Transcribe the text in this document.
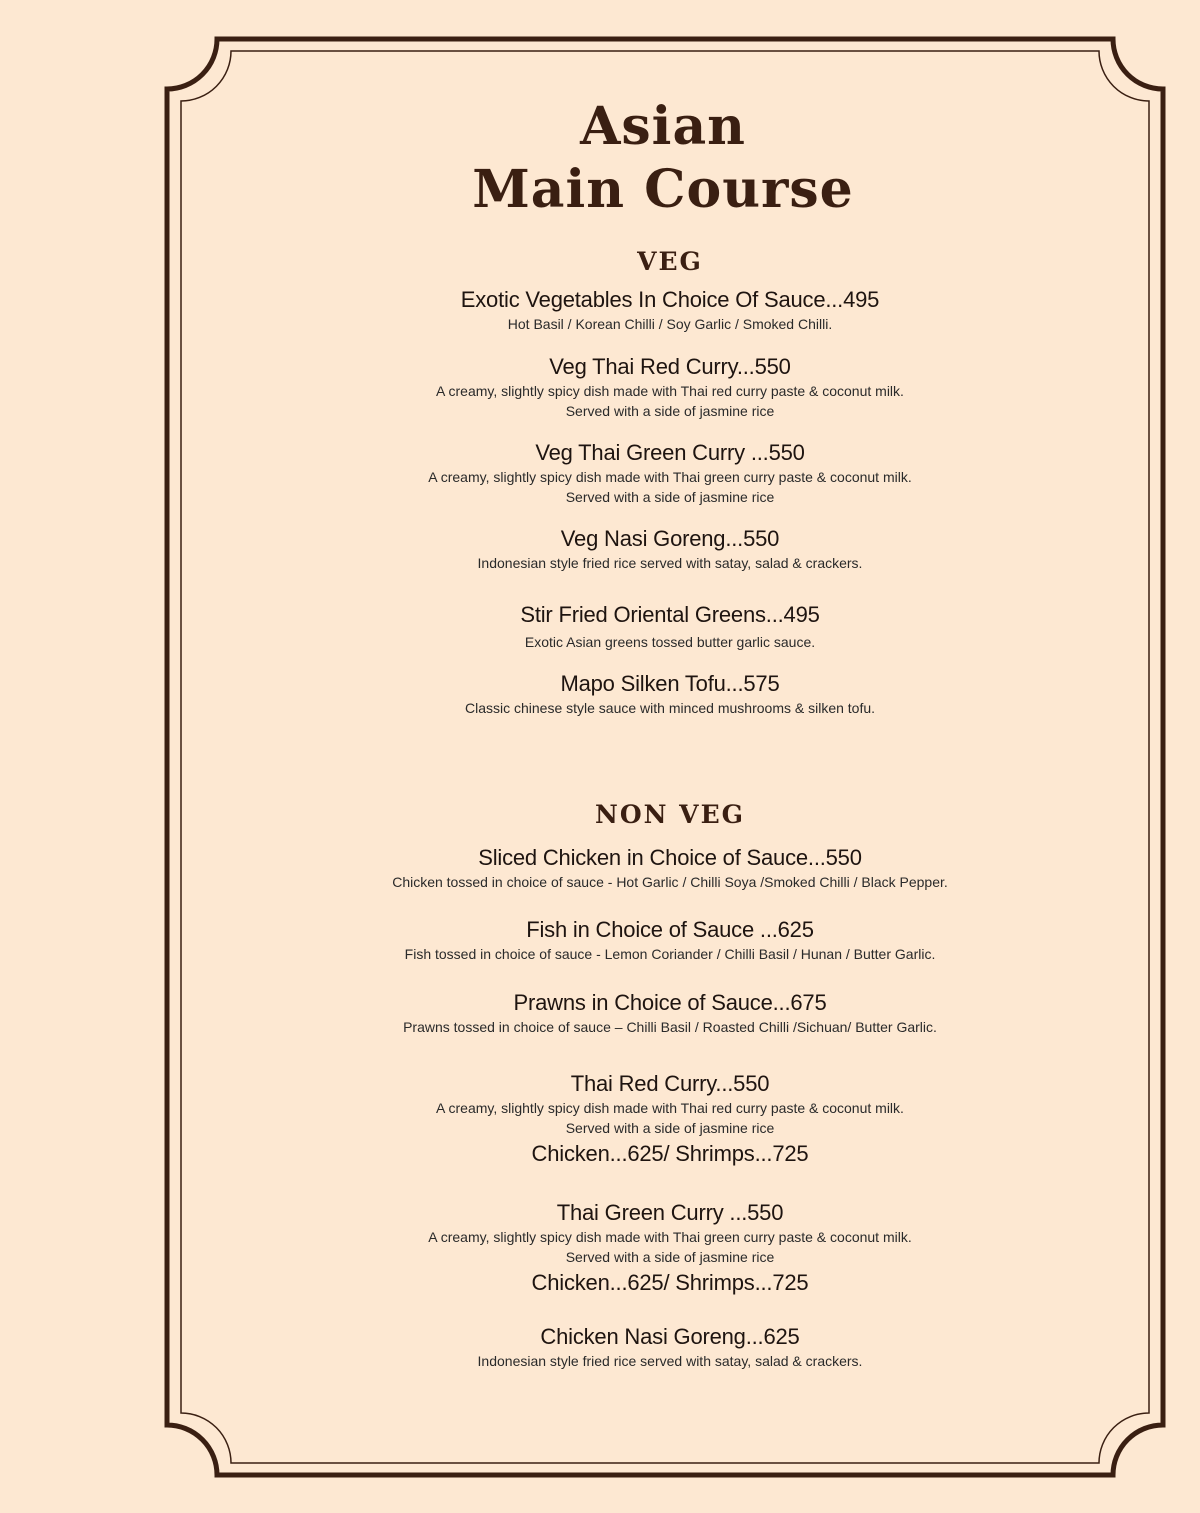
Asian
Main Course
VEG
Exotic Vegetables In Choice Of Sauce...495
Hot Basil / Korean Chilli / Soy Garlic / Smoked Chilli.
Veg Thai Red Curry...550
A creamy, slightly spicy dish made with Thai red curry paste & coconut milk.
Served with a side of jasmine rice
Veg Thai Green Curry ...550
A creamy, slightly spicy dish made with Thai green curry paste & coconut milk.
Served with a side of jasmine rice
Veg Nasi Goreng...550
Indonesian style fried rice served with satay, salad & crackers.
Stir Fried Oriental Greens...495
Exotic Asian greens tossed butter garlic sauce.
Mapo Silken Tofu...575
Classic chinese style sauce with minced mushrooms & silken tofu.
NON VEG
Sliced Chicken in Choice of Sauce...550
Chicken tossed in choice of sauce - Hot Garlic / Chilli Soya /Smoked Chilli / Black Pepper.
Fish in Choice of Sauce ...625
Fish tossed in choice of sauce - Lemon Coriander / Chilli Basil / Hunan / Butter Garlic.
Prawns in Choice of Sauce...675
Prawns tossed in choice of sauce – Chilli Basil / Roasted Chilli /Sichuan/ Butter Garlic.
Thai Red Curry...550
A creamy, slightly spicy dish made with Thai red curry paste & coconut milk.
Served with a side of jasmine rice
Chicken...625/ Shrimps...725
Thai Green Curry ...550
A creamy, slightly spicy dish made with Thai green curry paste & coconut milk.
Served with a side of jasmine rice
Chicken...625/ Shrimps...725
Chicken Nasi Goreng...625
Indonesian style fried rice served with satay, salad & crackers.
